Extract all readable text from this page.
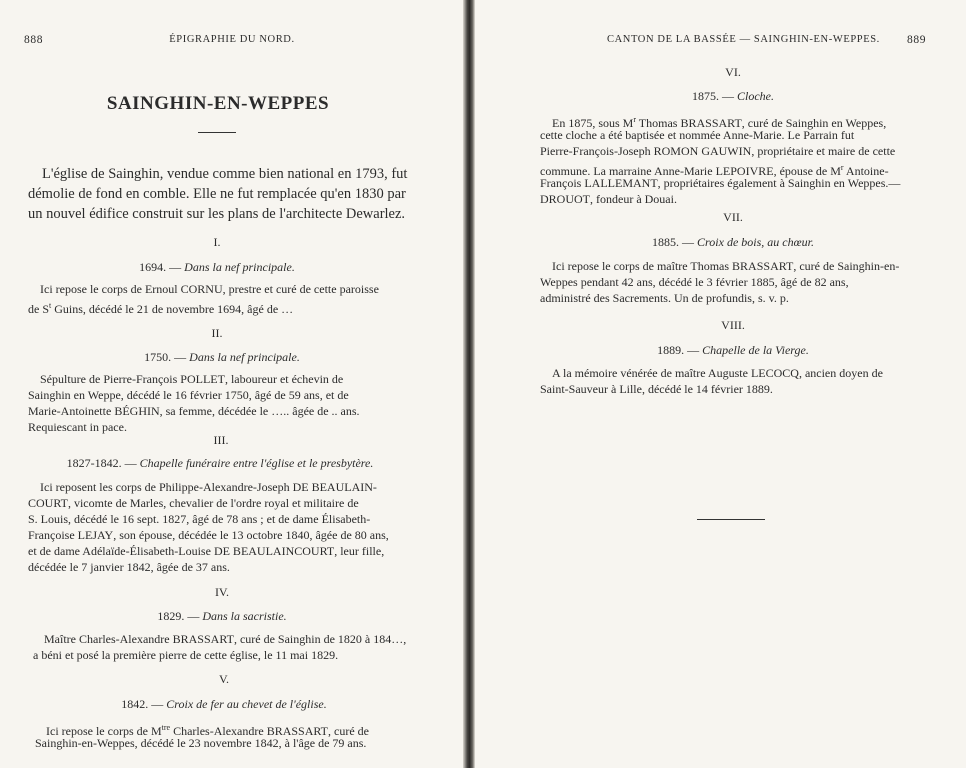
888	ÉPIGRAPHIE DU NORD.
SAINGHIN-EN-WEPPES
L'église de Sainghin, vendue comme bien national en 1793, fut
démolie de fond en comble. Elle ne fut remplacée qu'en 1830 par
un nouvel édifice construit sur les plans de l'architecte Dewarlez.
I.
1694. — Dans la nef principale.
Ici repose le corps de Ernoul CORNU, prestre et curé de cette paroisse
de $S^t$ Guins, décédé le 21 de novembre 1694, âgé de …
II.
1750. — Dans la nef principale.
Sépulture de Pierre-François POLLET, laboureur et échevin de
Sainghin en Weppe, décédé le 16 février 1750, âgé de 59 ans, et de
Marie-Antoinette BÉGHIN, sa femme, décédée le ….. âgée de .. ans.
Requiescant in pace.
III.
1827-1842. — Chapelle funéraire entre l'église et le presbytère.
Ici reposent les corps de Philippe-Alexandre-Joseph DE BEAULAIN-
COURT, vicomte de Marles, chevalier de l'ordre royal et militaire de
S. Louis, décédé le 16 sept. 1827, âgé de 78 ans ; et de dame Élisabeth-
Françoise LEJAY, son épouse, décédée le 13 octobre 1840, âgée de 80 ans,
et de dame Adélaïde-Élisabeth-Louise DE BEAULAINCOURT, leur fille,
décédée le 7 janvier 1842, âgée de 37 ans.
IV.
1829. — Dans la sacristie.
Maître Charles-Alexandre BRASSART, curé de Sainghin de 1820 à 184…,
a béni et posé la première pierre de cette église, le 11 mai 1829.
V.
1842. — Croix de fer au chevet de l'église.
Ici repose le corps de $M^{tre}$ Charles-Alexandre BRASSART, curé de
Sainghin-en-Weppes, décédé le 23 novembre 1842, à l'âge de 79 ans.
CANTON DE LA BASSÉE — SAINGHIN-EN-WEPPES. 889
VI.
1875. — Cloche.
En 1875, sous $M^r$ Thomas BRASSART, curé de Sainghin en Weppes,
cette cloche a été baptisée et nommée Anne-Marie. Le Parrain fut
Pierre-François-Joseph ROMON GAUWIN, propriétaire et maire de cette
commune. La marraine Anne-Marie LEPOIVRE, épouse de $M^r$ Antoine-
François LALLEMANT, propriétaires également à Sainghin en Weppes.—
DROUOT, fondeur à Douai.
VII.
1885. — Croix de bois, au chœur.
Ici repose le corps de maître Thomas BRASSART, curé de Sainghin-en-
Weppes pendant 42 ans, décédé le 3 février 1885, âgé de 82 ans,
administré des Sacrements. Un de profundis, s. v. p.
VIII.
1889. — Chapelle de la Vierge.
A la mémoire vénérée de maître Auguste LECOCQ, ancien doyen de
Saint-Sauveur à Lille, décédé le 14 février 1889.
